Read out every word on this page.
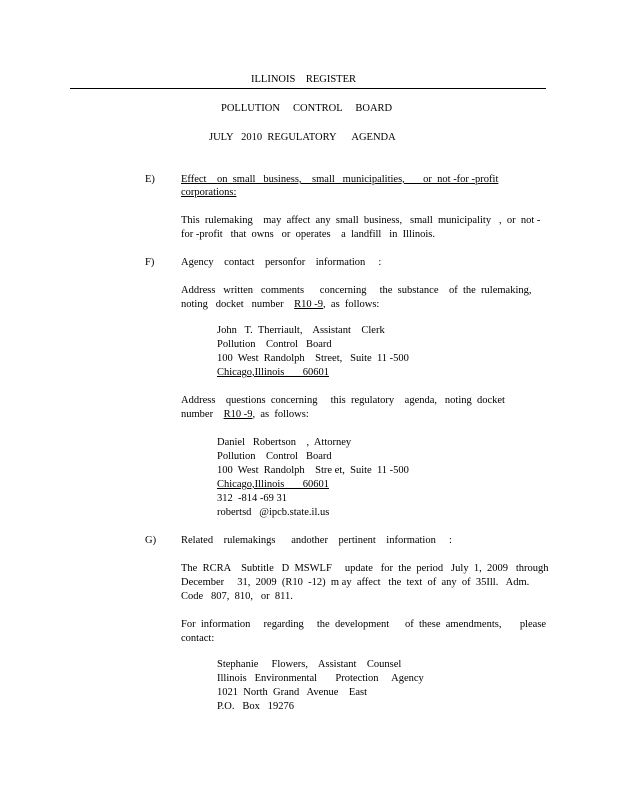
ILLINOIS    REGISTER
POLLUTION     CONTROL     BOARD
JULY   2010  REGULATORY      AGENDA
E) Effect    on  small   business,    small   municipalities,       or  not -for -profit
corporations:
This  rulemaking    may  affect  any  small  business,   small  municipality   ,  or  not -
for -profit   that  owns   or  operates    a  landfill   in  Illinois.
F)	Agency    contact    personfor    information     :
Address   written   comments      concerning     the  substance    of  the  rulemaking,
noting   docket   number    R10 -9,  as  follows:
John   T.  Therriault,    Assistant    Clerk
Pollution    Control   Board
100  West  Randolph    Street,   Suite  11 -500
Chicago,Illinois       60601
Address    questions  concerning     this  regulatory    agenda,   noting  docket
number    R10 -9,  as  follows:
Daniel   Robertson    ,  Attorney
Pollution    Control   Board
100  West  Randolph    Stre et,  Suite  11 -500
Chicago,Illinois       60601
312  -814 -69 31
robertsd   @ipcb.state.il.us
G) Related    rulemakings      andother    pertinent    information     :
The  RCRA    Subtitle   D  MSWLF     update   for  the  period   July  1,  2009   through
December     31,  2009  (R10  -12)  m ay  affect   the  text  of  any  of  35Ill.   Adm.
Code   807,  810,   or  811.
For  information     regarding     the  development      of  these  amendments,       please
contact:
Stephanie     Flowers,    Assistant    Counsel
Illinois   Environmental       Protection     Agency
1021  North  Grand   Avenue    East
P.O.   Box   19276
